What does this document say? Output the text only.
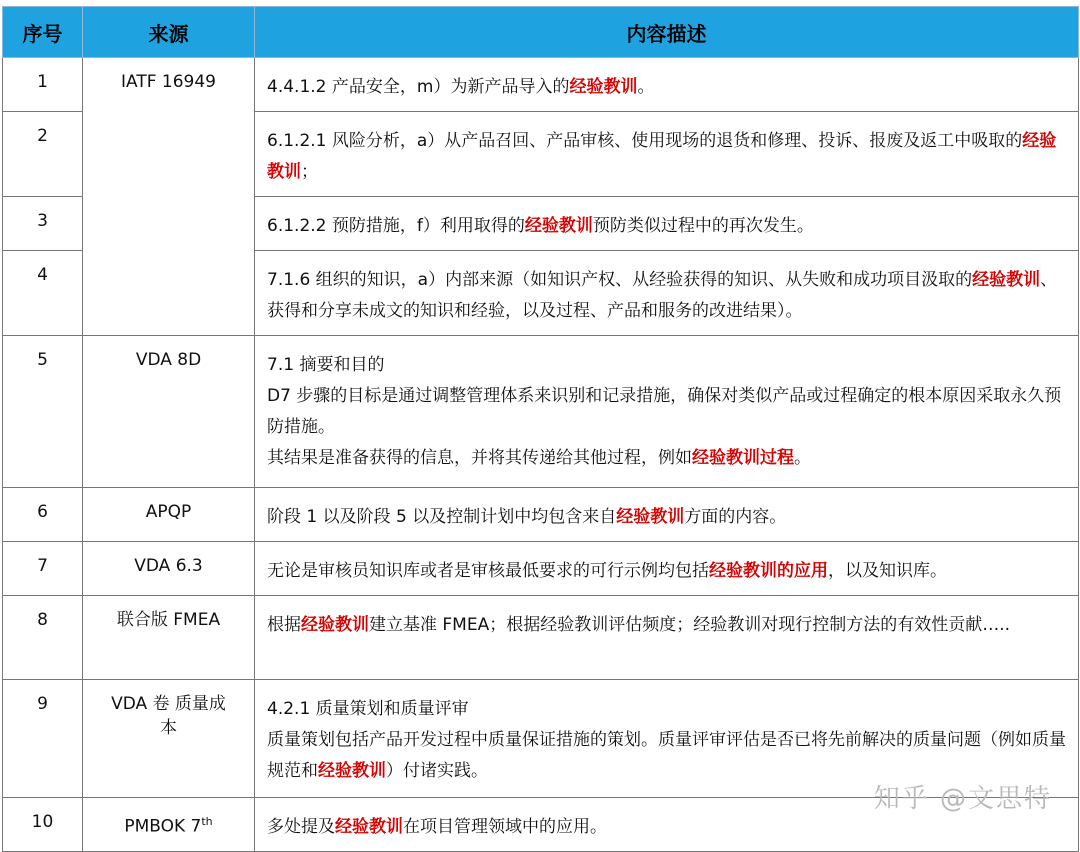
序号	来源	内容描述
1	IATF 16949	4.4.1.2 产品安全，m）为新产品导入的经验教训。

2		6.1.2.1 风险分析，a）从产品召回、产品审核、使用现场的退货和修理、投诉、报废及返工中吸取的经验教训；

3		6.1.2.2 预防措施，f）利用取得的经验教训预防类似过程中的再次发生。

4		7.1.6 组织的知识，a）内部来源（如知识产权、从经验获得的知识、从失败和成功项目汲取的经验教训、获得和分享未成文的知识和经验，以及过程、产品和服务的改进结果）。

5	VDA 8D	7.1 摘要和目的
D7 步骤的目标是通过调整管理体系来识别和记录措施，确保对类似产品或过程确定的根本原因采取永久预防措施。
其结果是准备获得的信息，并将其传递给其他过程，例如经验教训过程。

6	APQP	阶段 1 以及阶段 5 以及控制计划中均包含来自经验教训方面的内容。

7	VDA 6.3	无论是审核员知识库或者是审核最低要求的可行示例均包括经验教训的应用，以及知识库。

8	联合版 FMEA	根据经验教训建立基准 FMEA；根据经验教训评估频度；经验教训对现行控制方法的有效性贡献…..

9	VDA 卷 质量成本	4.2.1 质量策划和质量评审
质量策划包括产品开发过程中质量保证措施的策划。质量评审评估是否已将先前解决的质量问题（例如质量规范和经验教训）付诸实践。

10	PMBOK 7th	多处提及经验教训在项目管理领域中的应用。
知乎 @文思特
